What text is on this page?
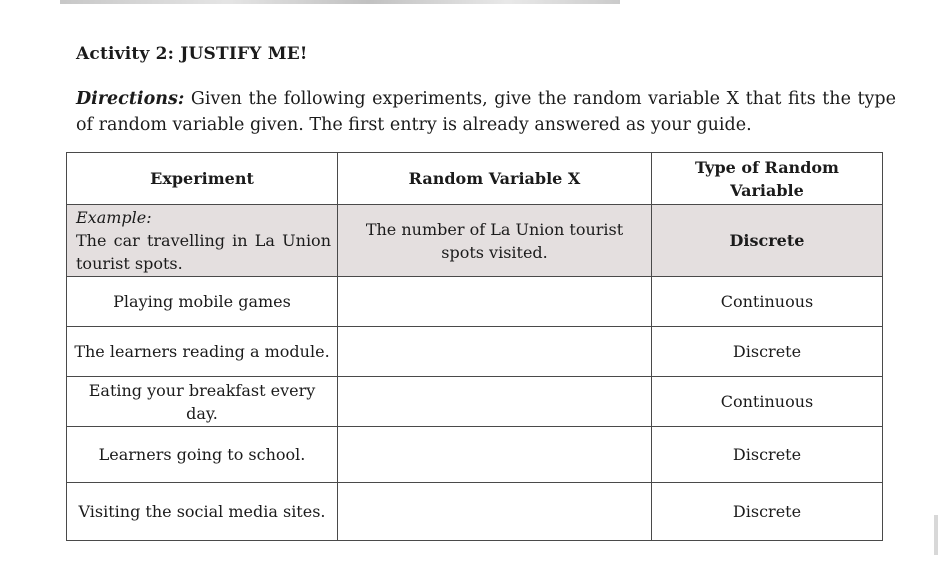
Activity 2: JUSTIFY ME!
Directions: Given the following experiments, give the random variable X that fits the type of random variable given. The first entry is already answered as your guide.
Experiment	Random Variable X	Type of Random Variable

Example:
The car travelling in La Union tourist spots.	The number of La Union tourist spots visited.	Discrete
Playing mobile games		Continuous
The learners reading a module.		Discrete
Eating your breakfast every day.		Continuous
Learners going to school.		Discrete
Visiting the social media sites.		Discrete
